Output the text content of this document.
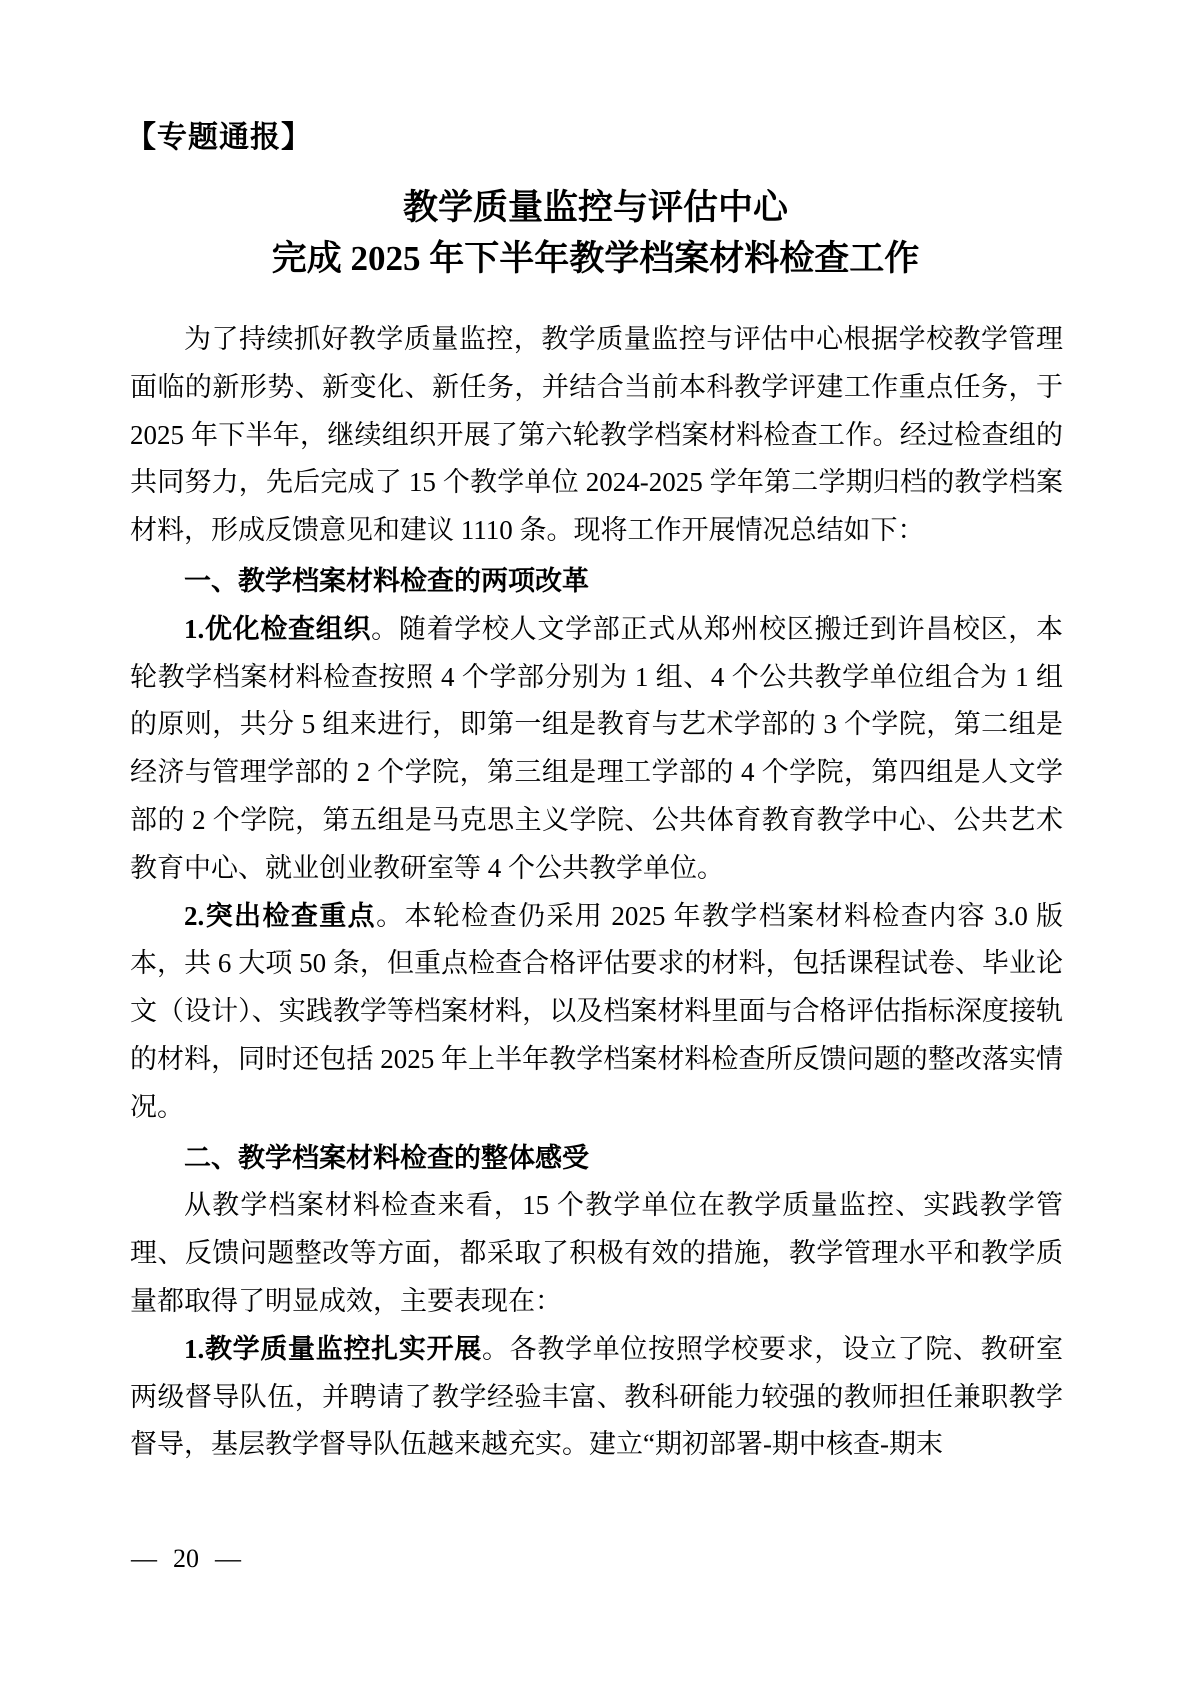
【专题通报】
教学质量监控与评估中心
完成 2025 年下半年教学档案材料检查工作

为了持续抓好教学质量监控，教学质量监控与评估中心根据学校教学管理面临的新形势、新变化、新任务，并结合当前本科教学评建工作重点任务，于 2025 年下半年，继续组织开展了第六轮教学档案材料检查工作。经过检查组的共同努力，先后完成了 15 个教学单位 2024-2025 学年第二学期归档的教学档案材料，形成反馈意见和建议 1110 条。现将工作开展情况总结如下：

一、教学档案材料检查的两项改革

1.优化检查组织。随着学校人文学部正式从郑州校区搬迁到许昌校区，本轮教学档案材料检查按照 4 个学部分别为 1 组、4 个公共教学单位组合为 1 组的原则，共分 5 组来进行，即第一组是教育与艺术学部的 3 个学院，第二组是经济与管理学部的 2 个学院，第三组是理工学部的 4 个学院，第四组是人文学部的 2 个学院，第五组是马克思主义学院、公共体育教育教学中心、公共艺术教育中心、就业创业教研室等 4 个公共教学单位。

2.突出检查重点。本轮检查仍采用 2025 年教学档案材料检查内容 3.0 版本，共 6 大项 50 条，但重点检查合格评估要求的材料，包括课程试卷、毕业论文（设计）、实践教学等档案材料，以及档案材料里面与合格评估指标深度接轨的材料，同时还包括 2025 年上半年教学档案材料检查所反馈问题的整改落实情况。

二、教学档案材料检查的整体感受

从教学档案材料检查来看，15 个教学单位在教学质量监控、实践教学管理、反馈问题整改等方面，都采取了积极有效的措施，教学管理水平和教学质量都取得了明显成效，主要表现在：

1.教学质量监控扎实开展。各教学单位按照学校要求，设立了院、教研室两级督导队伍，并聘请了教学经验丰富、教科研能力较强的教师担任兼职教学督导，基层教学督导队伍越来越充实。建立“期初部署-期中核查-期末

— 20 —
